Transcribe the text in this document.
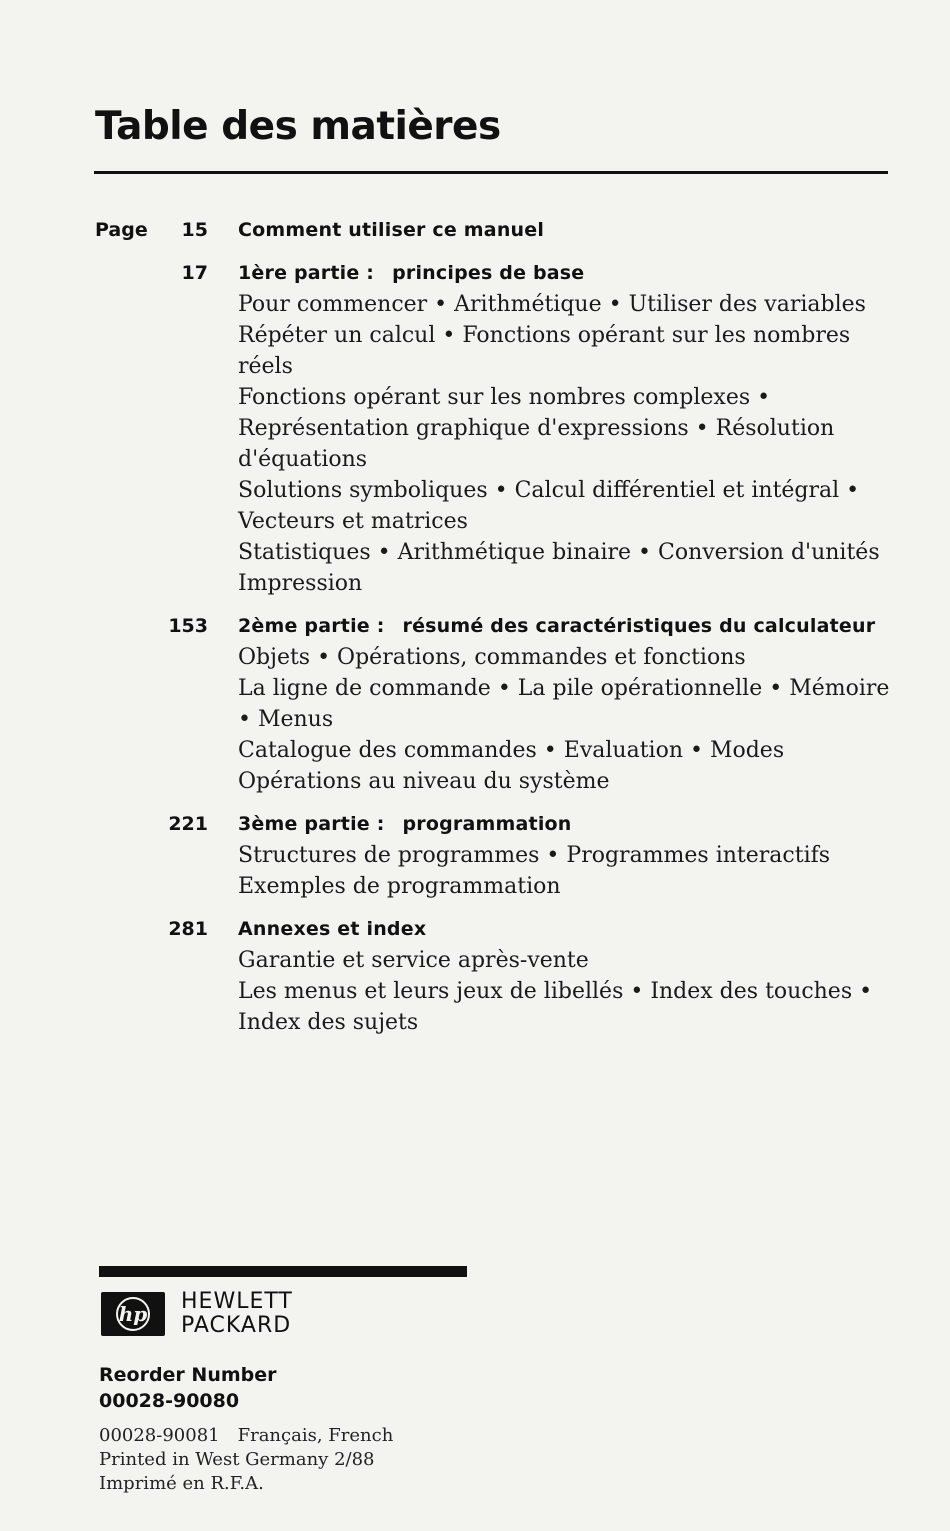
Table des matières
Page 15	Comment utiliser ce manuel
17	1ère partie : principes de base
Pour commencer • Arithmétique • Utiliser des variables
Répéter un calcul • Fonctions opérant sur les nombres réels
Fonctions opérant sur les nombres complexes • Représentation graphique d'expressions • Résolution d'équations
Solutions symboliques • Calcul différentiel et intégral • Vecteurs et matrices
Statistiques • Arithmétique binaire • Conversion d'unités Impression
153	2ème partie : résumé des caractéristiques du calculateur
Objets • Opérations, commandes et fonctions
La ligne de commande • La pile opérationnelle • Mémoire • Menus
Catalogue des commandes • Evaluation • Modes
Opérations au niveau du système
221	3ème partie : programmation
Structures de programmes • Programmes interactifs
Exemples de programmation
281	Annexes et index
Garantie et service après-vente
Les menus et leurs jeux de libellés • Index des touches • Index des sujets
hp HEWLETT
PACKARD
Reorder Number
00028-90080
00028-90081 Français, French
Printed in West Germany 2/88
Imprimé en R.F.A.
